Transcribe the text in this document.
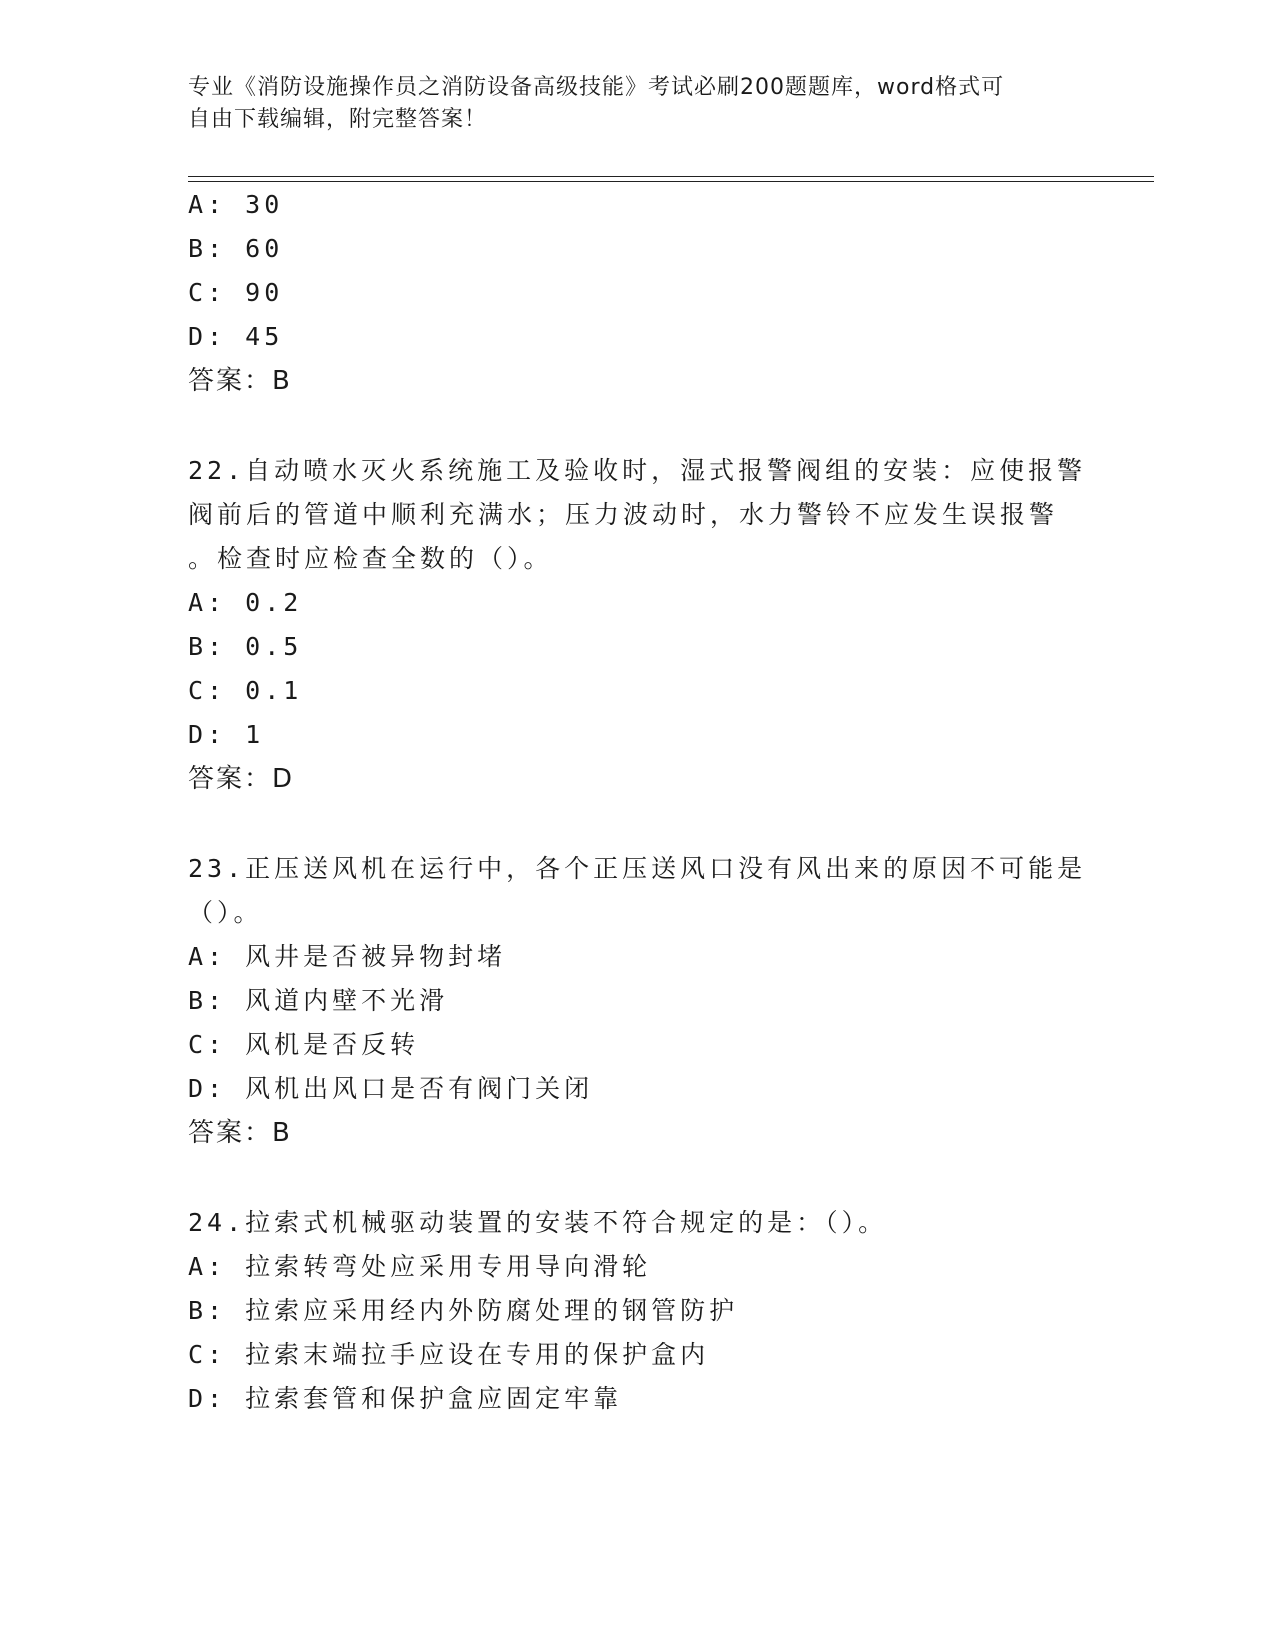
专业《消防设施操作员之消防设备高级技能》考试必刷200题题库，word格式可
自由下载编辑，附完整答案！
A: 30
B: 60
C: 90
D: 45
答案：B
22.自动喷水灭火系统施工及验收时，湿式报警阀组的安装：应使报警
阀前后的管道中顺利充满水；压力波动时，水力警铃不应发生误报警
。检查时应检查全数的（）。
A: 0.2
B: 0.5
C: 0.1
D: 1
答案：D
23.正压送风机在运行中，各个正压送风口没有风出来的原因不可能是
（）。
A: 风井是否被异物封堵
B: 风道内壁不光滑
C: 风机是否反转
D: 风机出风口是否有阀门关闭
答案：B
24.拉索式机械驱动装置的安装不符合规定的是：（）。
A: 拉索转弯处应采用专用导向滑轮
B: 拉索应采用经内外防腐处理的钢管防护
C: 拉索末端拉手应设在专用的保护盒内
D: 拉索套管和保护盒应固定牢靠
